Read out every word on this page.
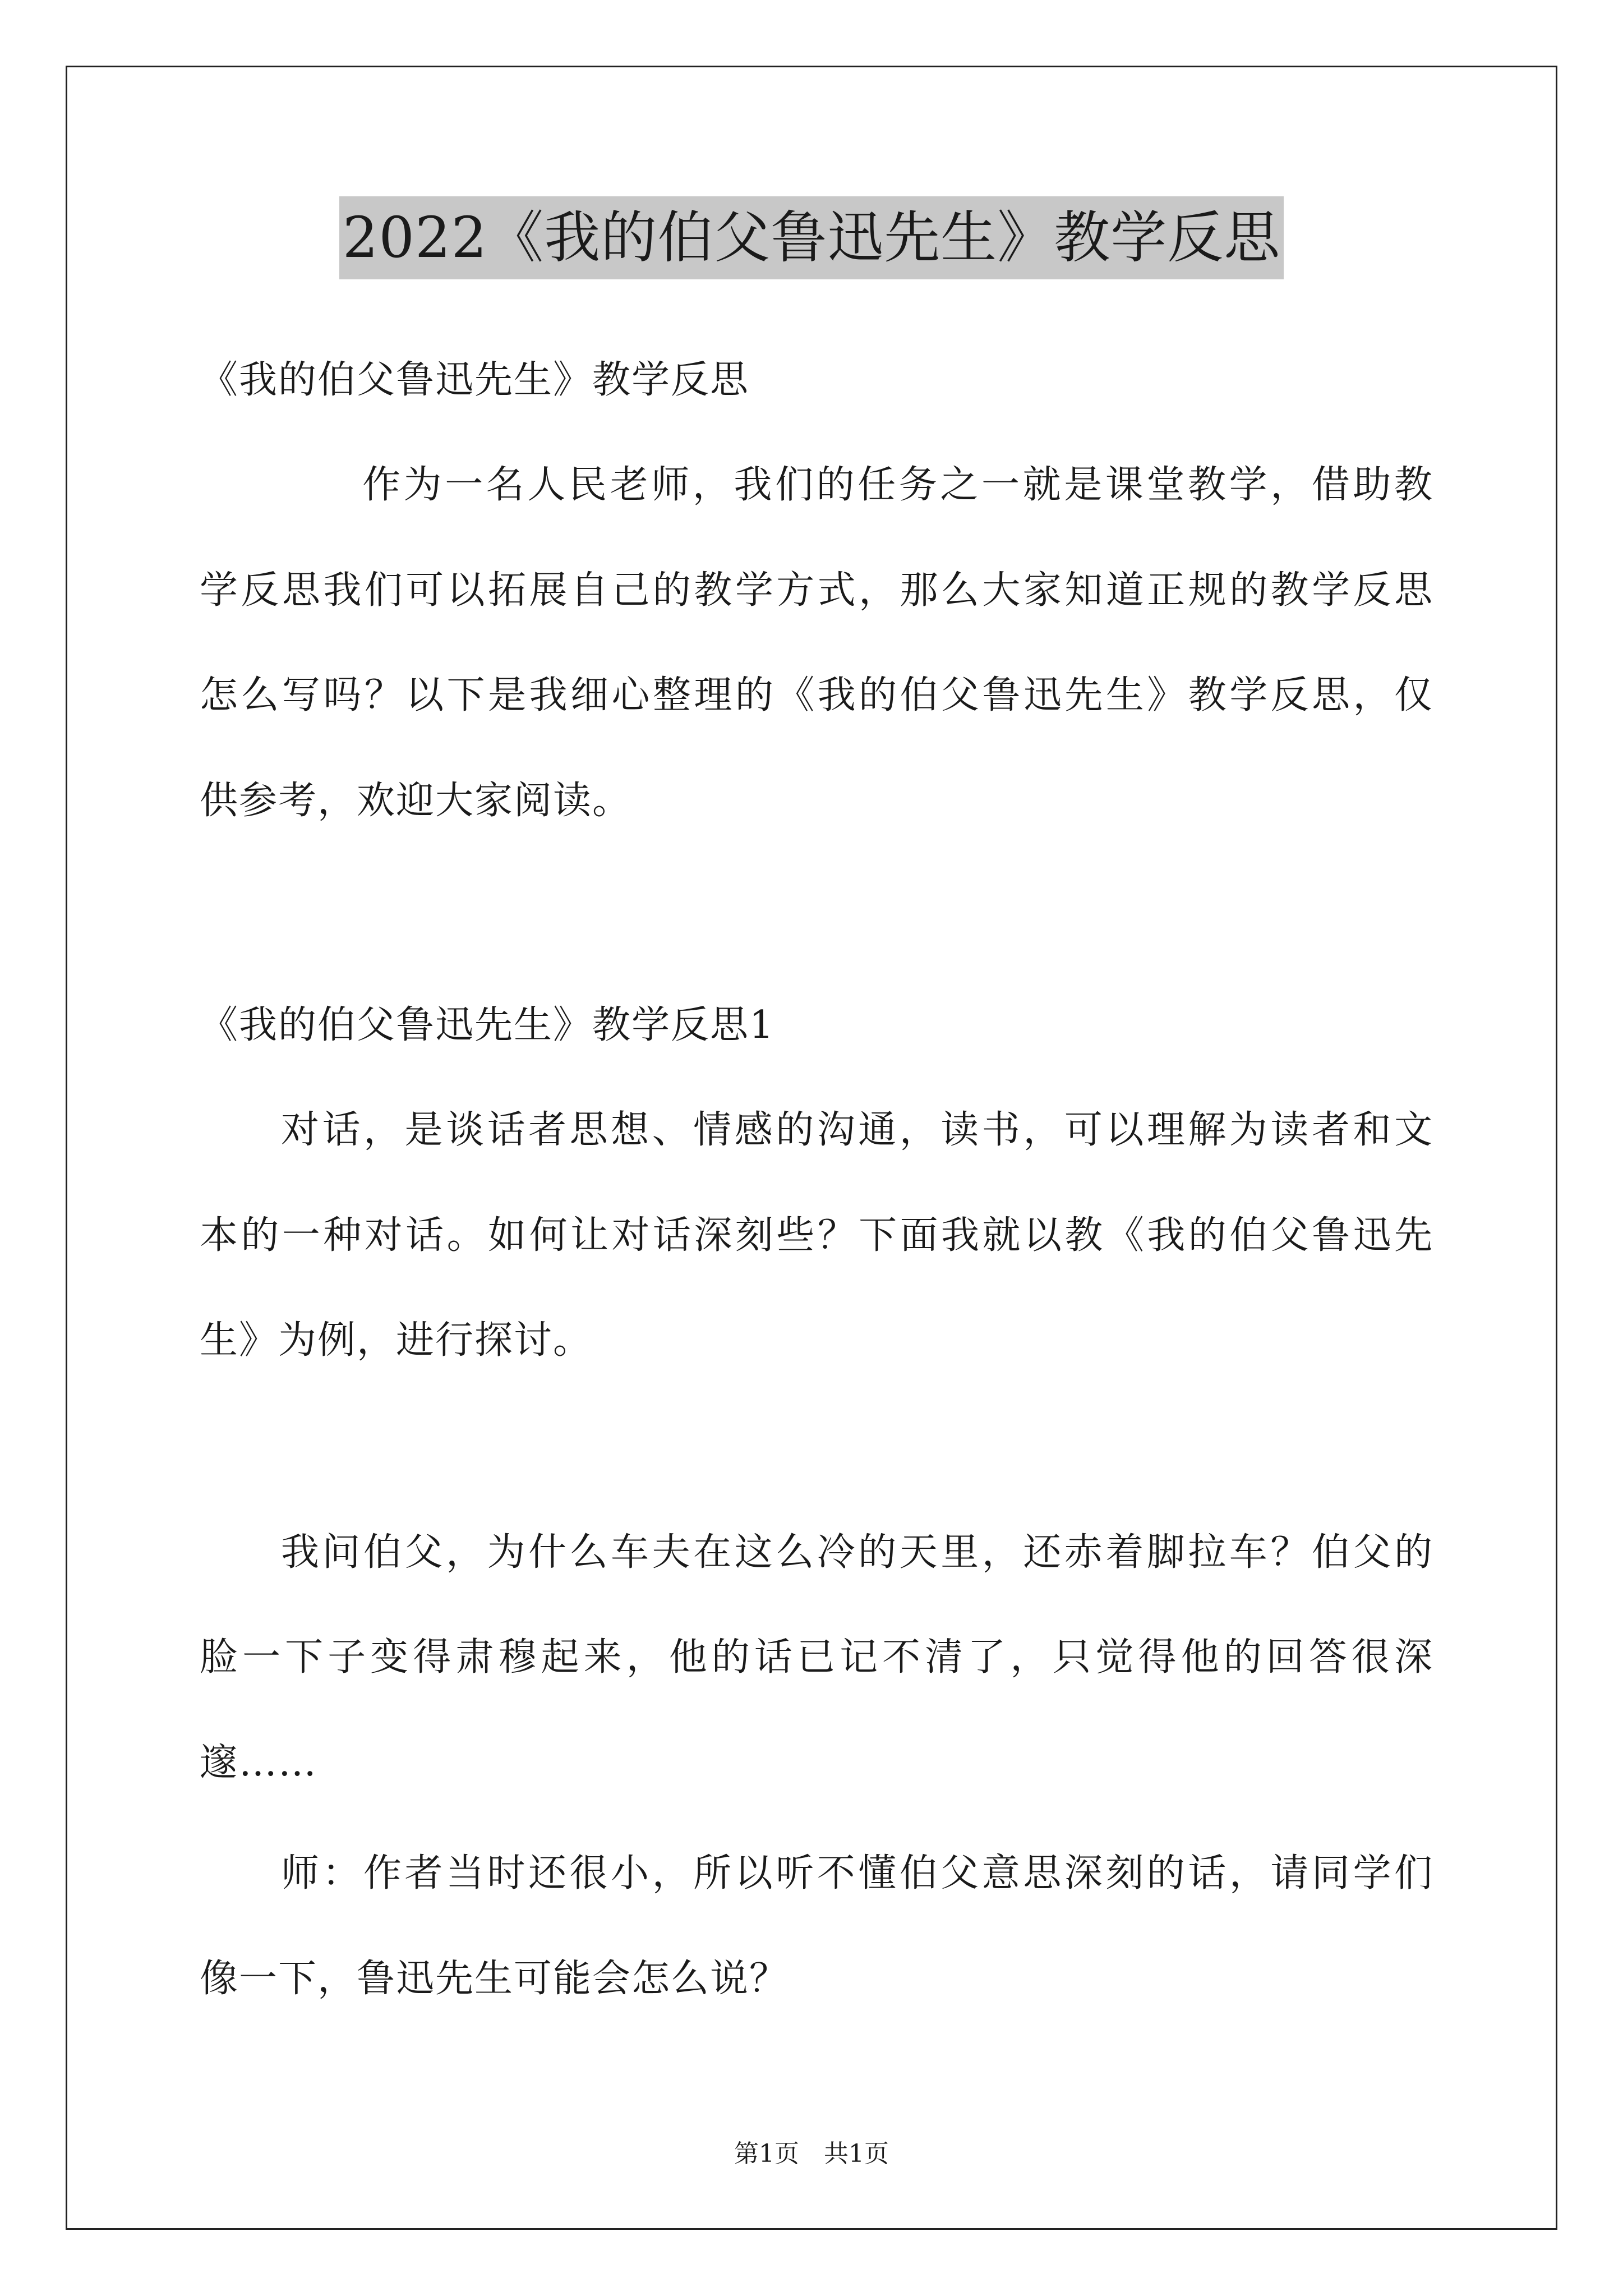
2022《我的伯父鲁迅先生》教学反思
《我的伯父鲁迅先生》教学反思
作为一名人民老师，我们的任务之一就是课堂教学，借助教
学反思我们可以拓展自己的教学方式，那么大家知道正规的教学反思
怎么写吗？以下是我细心整理的《我的伯父鲁迅先生》教学反思，仅
供参考，欢迎大家阅读。
《我的伯父鲁迅先生》教学反思1
对话，是谈话者思想、情感的沟通，读书，可以理解为读者和文
本的一种对话。如何让对话深刻些？下面我就以教《我的伯父鲁迅先
生》为例，进行探讨。
我问伯父，为什么车夫在这么冷的天里，还赤着脚拉车？伯父的
脸一下子变得肃穆起来，他的话已记不清了，只觉得他的回答很深
邃……
师：作者当时还很小，所以听不懂伯父意思深刻的话，请同学们
像一下，鲁迅先生可能会怎么说？
第1页　共1页
